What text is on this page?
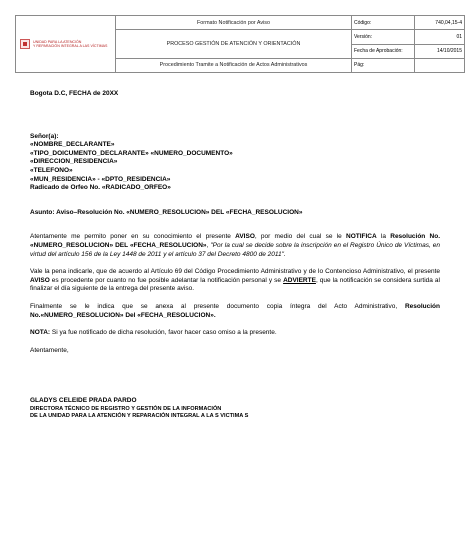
UNIDAD PARA LA ATENCIÓN
Y REPARACIÓN INTEGRAL A LAS VÍCTIMAS	Formato Notificación por Aviso	Código:	740,04,15-4
	PROCESO GESTIÓN DE ATENCIÓN Y ORIENTACIÓN	Versión:	01
		Fecha de Aprobación:	14/10/2015
	Procedimiento Tramite a Notificación de Actos Administrativos	Pág:	

Bogota D.C, FECHA de 20XX

Señor(a):

«NOMBRE_DECLARANTE»

«TIPO_DOICUMENTO_DECLARANTE» «NUMERO_DOCUMENTO»

«DIRECCION_RESIDENCIA»

«TELEFONO»

«MUN_RESIDENCIA» - «DPTO_RESIDENCIA»

Radicado de Orfeo No. «RADICADO_ORFEO»

Asunto: Aviso–Resolución No. «NUMERO_RESOLUCION» DEL «FECHA_RESOLUCION»

Atentamente me permito poner en su conocimiento el presente AVISO, por medio del cual se le NOTIFICA la Resolución No. «NUMERO_RESOLUCION» DEL «FECHA_RESOLUCION», "Por la cual se decide sobre la inscripción en el Registro Único de Víctimas, en virtud del artículo 156 de la Ley 1448 de 2011 y el artículo 37 del Decreto 4800 de 2011".

Vale la pena indicarle, que de acuerdo al Artículo 69 del Código Procedimiento Administrativo y de lo Contencioso Administrativo, el presente AVISO es procedente por cuanto no fue posible adelantar la notificación personal y se ADVIERTE, que la notificación se considera surtida al finalizar el día siguiente de la entrega del presente aviso.

Finalmente se le indica que se anexa al presente documento copia íntegra del Acto Administrativo, Resolución No.«NUMERO_RESOLUCION» Del «FECHA_RESOLUCION».

NOTA: Si ya fue notificado de dicha resolución, favor hacer caso omiso a la presente.

Atentamente,

GLADYS CELEIDE PRADA PARDO

DIRECTORA TÉCNICO DE REGISTRO Y GESTIÓN DE LA INFORMACIÓN

DE LA UNIDAD PARA LA ATENCIÓN Y REPARACIÓN INTEGRAL A LA S VICTIMA S
